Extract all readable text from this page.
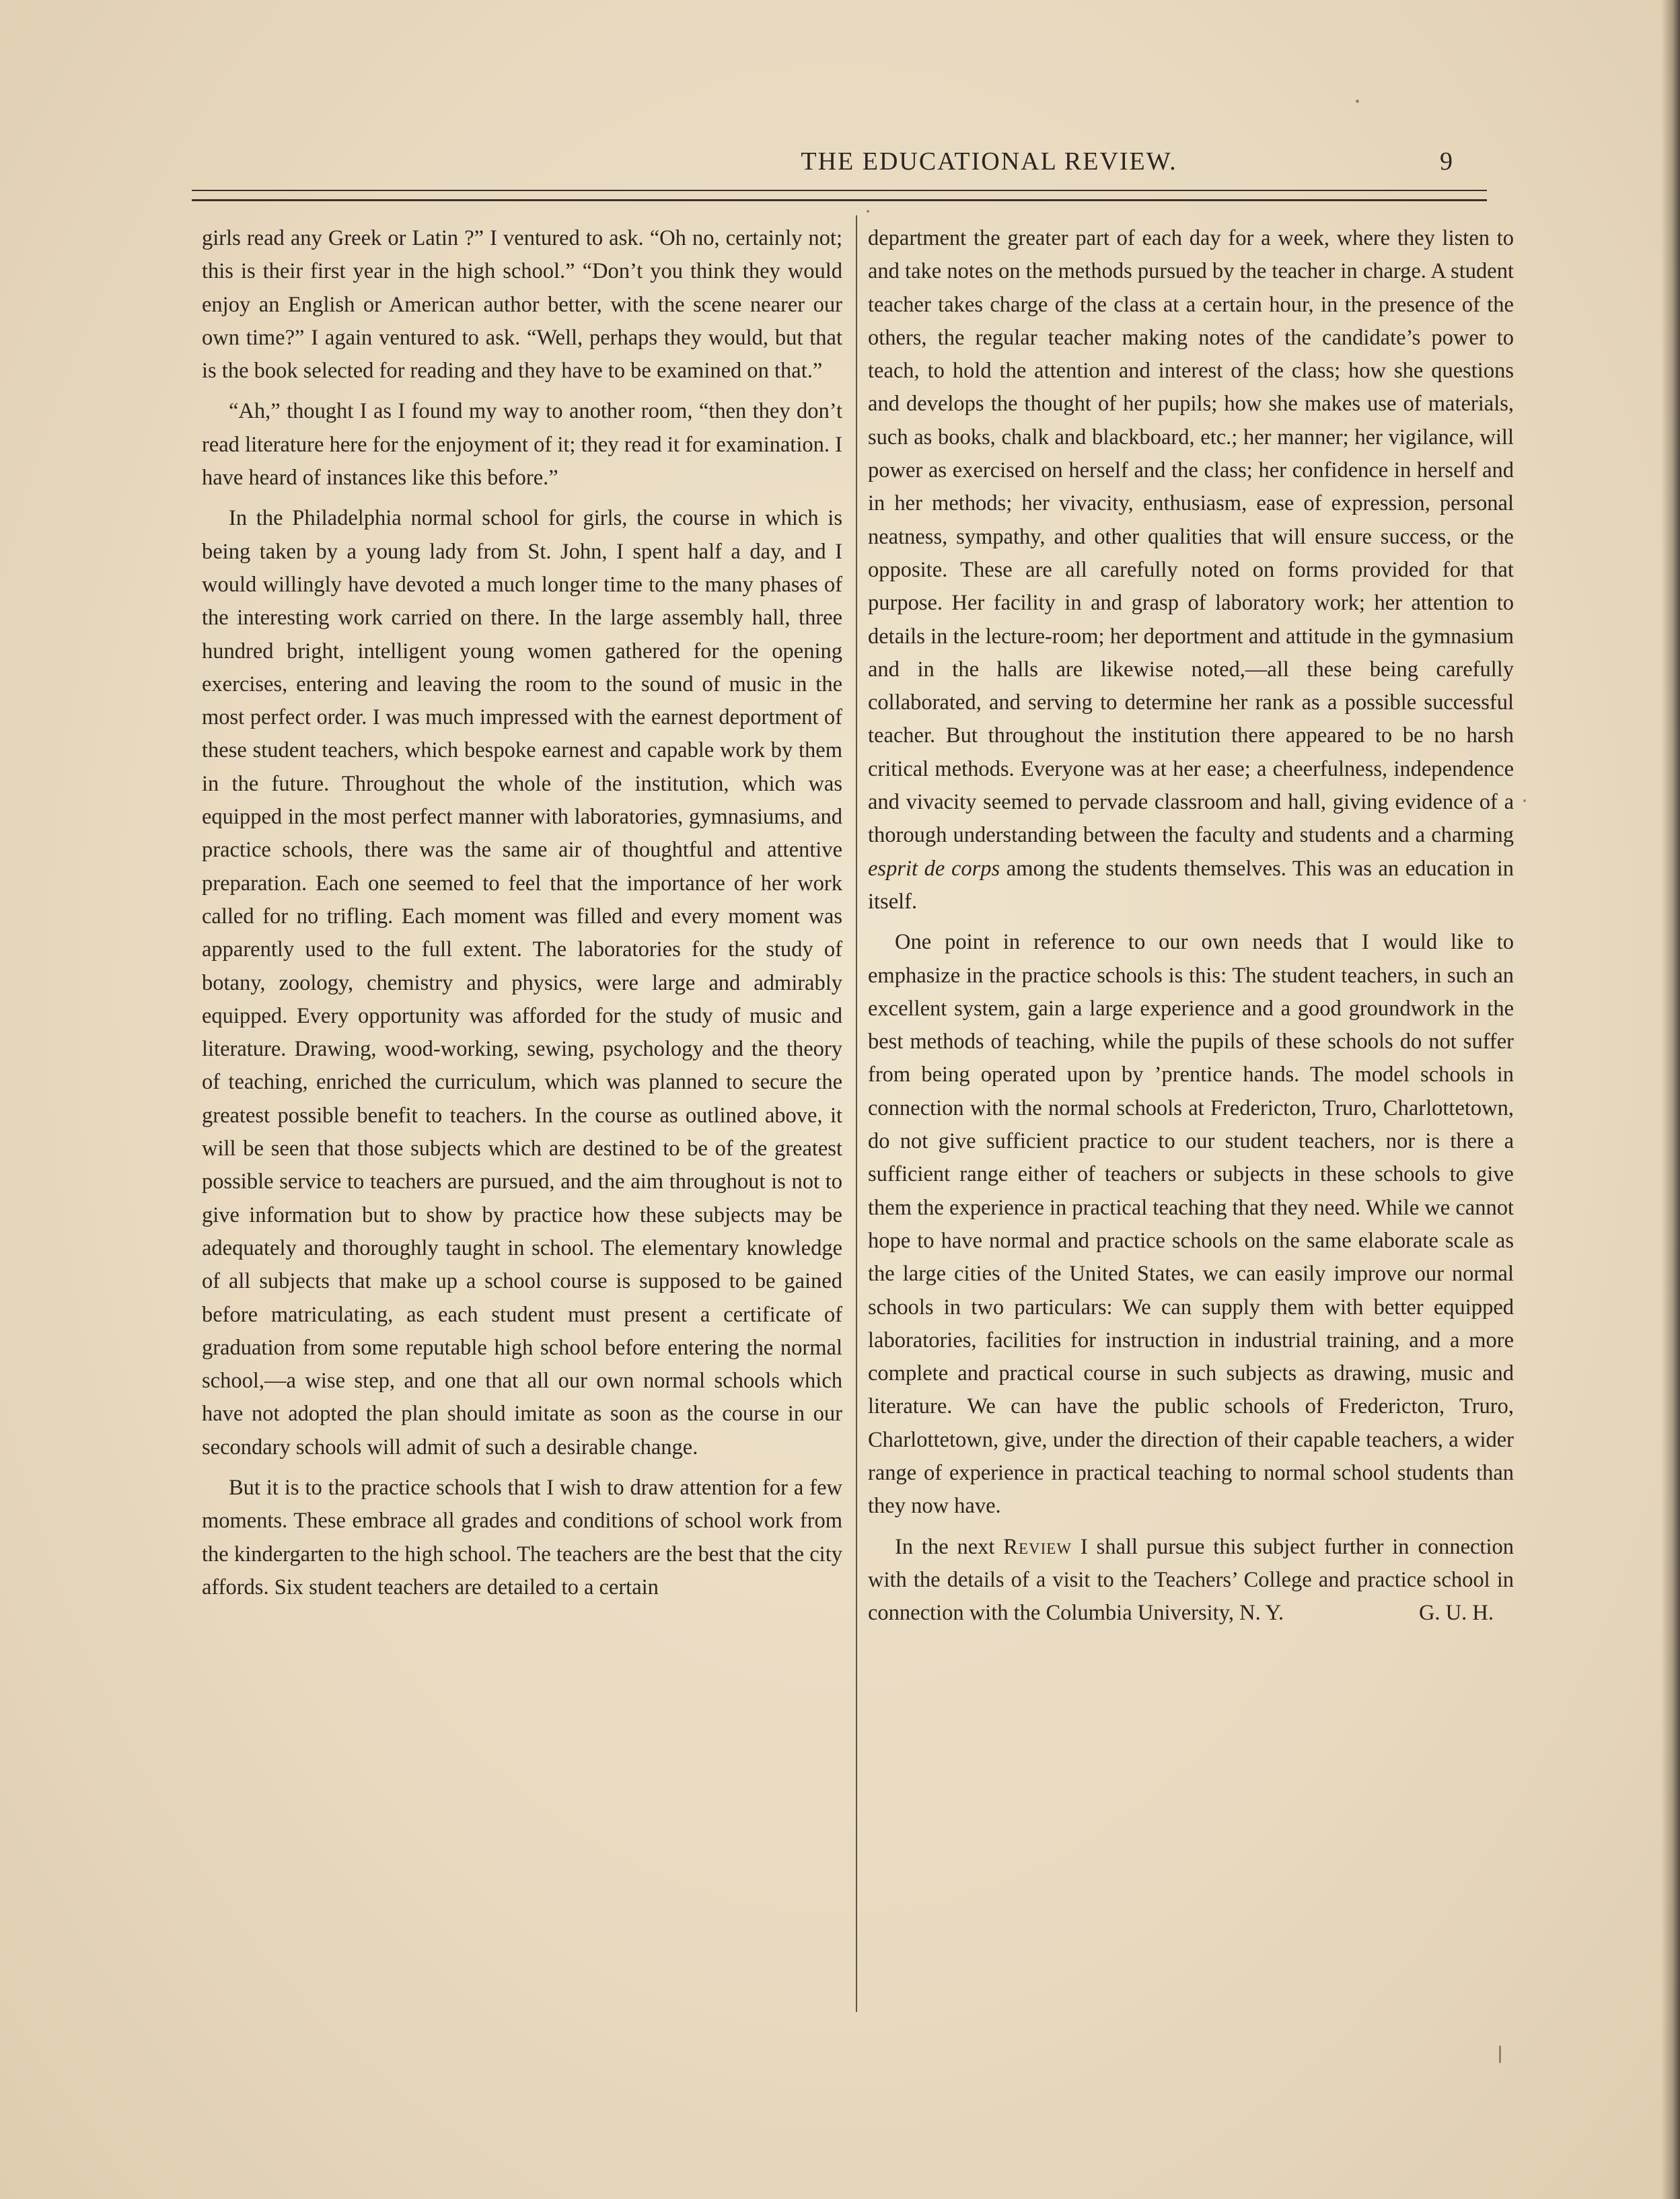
THE EDUCATIONAL REVIEW.	9

girls read any Greek or Latin ?” I ventured to ask. “Oh no, certainly not; this is their first year in the high school.” “Don’t you think they would enjoy an English or American author better, with the scene nearer our own time?” I again ventured to ask. “Well, perhaps they would, but that is the book selected for reading and they have to be examined on that.”

“Ah,” thought I as I found my way to another room, “then they don’t read literature here for the enjoyment of it; they read it for examination. I have heard of instances like this before.”

In the Philadelphia normal school for girls, the course in which is being taken by a young lady from St. John, I spent half a day, and I would willingly have devoted a much longer time to the many phases of the interesting work carried on there. In the large assembly hall, three hundred bright, intelligent young women gathered for the opening exercises, entering and leaving the room to the sound of music in the most perfect order. I was much impressed with the earnest deportment of these student teachers, which bespoke earnest and capable work by them in the future. Throughout the whole of the institution, which was equipped in the most perfect manner with laboratories, gymnasiums, and practice schools, there was the same air of thoughtful and attentive preparation. Each one seemed to feel that the importance of her work called for no trifling. Each moment was filled and every moment was apparently used to the full extent. The laboratories for the study of botany, zoology, chemistry and physics, were large and admirably equipped. Every opportunity was afforded for the study of music and literature. Drawing, wood-working, sewing, psychology and the theory of teaching, enriched the curriculum, which was planned to secure the greatest possible benefit to teachers. In the course as outlined above, it will be seen that those subjects which are destined to be of the greatest possible service to teachers are pursued, and the aim throughout is not to give information but to show by practice how these subjects may be adequately and thoroughly taught in school. The elementary knowledge of all subjects that make up a school course is supposed to be gained before matriculating, as each student must present a certificate of graduation from some reputable high school before entering the normal school,—a wise step, and one that all our own normal schools which have not adopted the plan should imitate as soon as the course in our secondary schools will admit of such a desirable change.

But it is to the practice schools that I wish to draw attention for a few moments. These embrace all grades and conditions of school work from the kindergarten to the high school. The teachers are the best that the city affords. Six student teachers are detailed to a certain

department the greater part of each day for a week, where they listen to and take notes on the methods pursued by the teacher in charge. A student teacher takes charge of the class at a certain hour, in the presence of the others, the regular teacher making notes of the candidate’s power to teach, to hold the attention and interest of the class; how she questions and develops the thought of her pupils; how she makes use of materials, such as books, chalk and blackboard, etc.; her manner; her vigilance, will power as exercised on herself and the class; her confidence in herself and in her methods; her vivacity, enthusiasm, ease of expression, personal neatness, sympathy, and other qualities that will ensure success, or the opposite. These are all carefully noted on forms provided for that purpose. Her facility in and grasp of laboratory work; her attention to details in the lecture-room; her deportment and attitude in the gymnasium and in the halls are likewise noted,—all these being carefully collaborated, and serving to determine her rank as a possible successful teacher. But throughout the institution there appeared to be no harsh critical methods. Everyone was at her ease; a cheerfulness, independence and vivacity seemed to pervade classroom and hall, giving evidence of a thorough understanding between the faculty and students and a charming esprit de corps among the students themselves. This was an education in itself.

One point in reference to our own needs that I would like to emphasize in the practice schools is this: The student teachers, in such an excellent system, gain a large experience and a good groundwork in the best methods of teaching, while the pupils of these schools do not suffer from being operated upon by ’prentice hands. The model schools in connection with the normal schools at Fredericton, Truro, Charlottetown, do not give sufficient practice to our student teachers, nor is there a sufficient range either of teachers or subjects in these schools to give them the experience in practical teaching that they need. While we cannot hope to have normal and practice schools on the same elaborate scale as the large cities of the United States, we can easily improve our normal schools in two particulars: We can supply them with better equipped laboratories, facilities for instruction in industrial training, and a more complete and practical course in such subjects as drawing, music and literature. We can have the public schools of Fredericton, Truro, Charlottetown, give, under the direction of their capable teachers, a wider range of experience in practical teaching to normal school students than they now have.

In the next Review I shall pursue this subject further in connection with the details of a visit to the Teachers’ College and practice school in connection with the Columbia University, N. Y.	G. U. H.
